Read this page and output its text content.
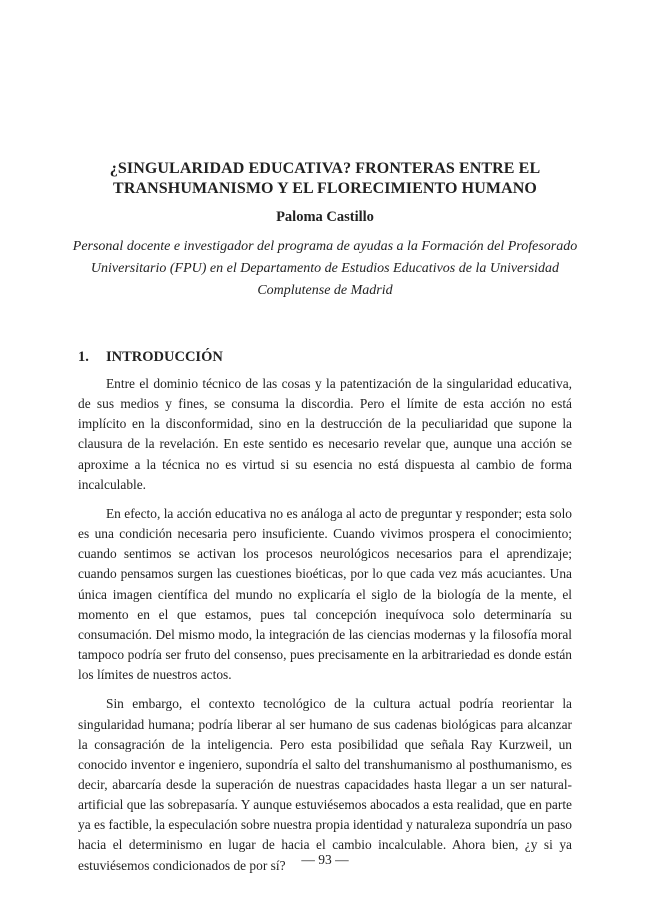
¿SINGULARIDAD EDUCATIVA? FRONTERAS ENTRE EL
TRANSHUMANISMO Y EL FLORECIMIENTO HUMANO

Paloma Castillo

Personal docente e investigador del programa de ayudas a la Formación del Profesorado Universitario (FPU) en el Departamento de Estudios Educativos de la Universidad Complutense de Madrid

1. INTRODUCCIÓN

Entre el dominio técnico de las cosas y la patentización de la singularidad educativa, de sus medios y fines, se consuma la discordia. Pero el límite de esta acción no está implícito en la disconformidad, sino en la destrucción de la peculiaridad que supone la clausura de la revelación. En este sentido es necesario revelar que, aunque una acción se aproxime a la técnica no es virtud si su esencia no está dispuesta al cambio de forma incalculable.

En efecto, la acción educativa no es análoga al acto de preguntar y responder; esta solo es una condición necesaria pero insuficiente. Cuando vivimos prospera el conocimiento; cuando sentimos se activan los procesos neurológicos necesarios para el aprendizaje; cuando pensamos surgen las cuestiones bioéticas, por lo que cada vez más acuciantes. Una única imagen científica del mundo no explicaría el siglo de la biología de la mente, el momento en el que estamos, pues tal concepción inequívoca solo determinaría su consumación. Del mismo modo, la integración de las ciencias modernas y la filosofía moral tampoco podría ser fruto del consenso, pues precisamente en la arbitrariedad es donde están los límites de nuestros actos.

Sin embargo, el contexto tecnológico de la cultura actual podría reorientar la singularidad humana; podría liberar al ser humano de sus cadenas biológicas para alcanzar la consagración de la inteligencia. Pero esta posibilidad que señala Ray Kurzweil, un conocido inventor e ingeniero, supondría el salto del transhumanismo al posthumanismo, es decir, abarcaría desde la superación de nuestras capacidades hasta llegar a un ser natural-artificial que las sobrepasaría. Y aunque estuviésemos abocados a esta realidad, que en parte ya es factible, la especulación sobre nuestra propia identidad y naturaleza supondría un paso hacia el determinismo en lugar de hacia el cambio incalculable. Ahora bien, ¿y si ya estuviésemos condicionados de por sí?	— 93 —
